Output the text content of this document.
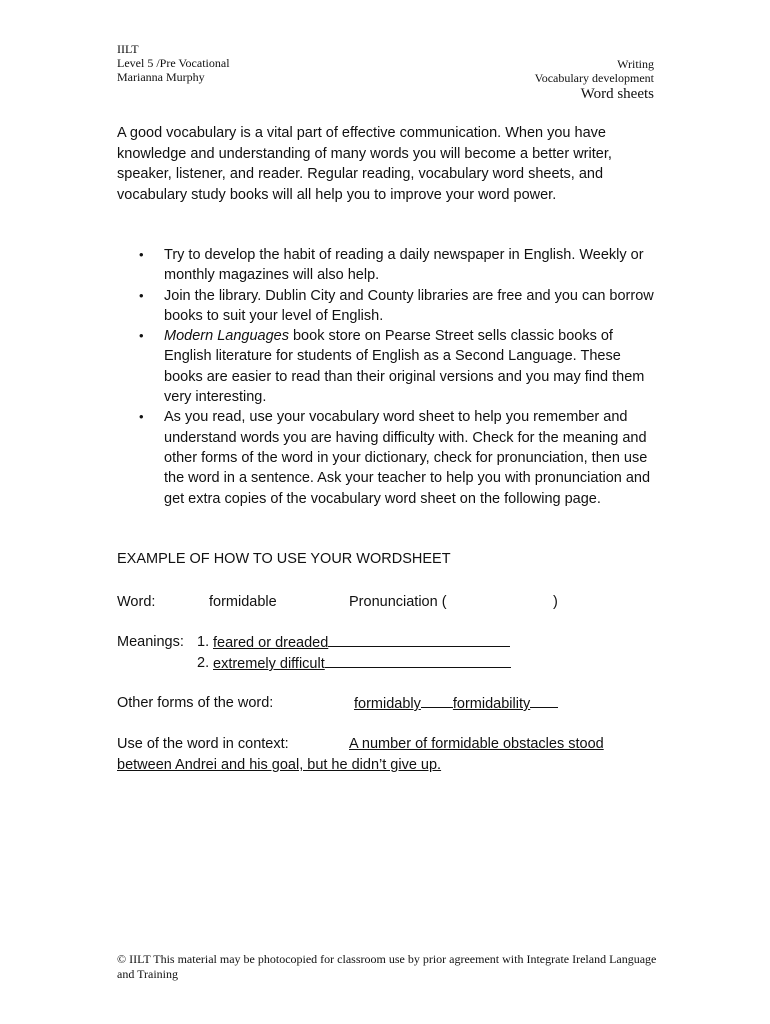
IILT
Level 5 /Pre Vocational
Marianna Murphy
Writing
Vocabulary development
Word sheets
A good vocabulary is a vital part of effective communication. When you have knowledge and understanding of many words you will become a better writer, speaker, listener, and reader. Regular reading, vocabulary word sheets, and vocabulary study books will all help you to improve your word power.
• Try to develop the habit of reading a daily newspaper in English. Weekly or monthly magazines will also help.
• Join the library. Dublin City and County libraries are free and you can borrow books to suit your level of English.
• Modern Languages book store on Pearse Street sells classic books of English literature for students of English as a Second Language. These books are easier to read than their original versions and you may find them very interesting.
• As you read, use your vocabulary word sheet to help you remember and understand words you are having difficulty with. Check for the meaning and other forms of the word in your dictionary, check for pronunciation, then use the word in a sentence. Ask your teacher to help you with pronunciation and get extra copies of the vocabulary word sheet on the following page.
EXAMPLE OF HOW TO USE YOUR WORDSHEET
Word:	formidable	Pronunciation (	)
Meanings: 1. feared or dreaded
2. extremely difficult
Other forms of the word:	formidably formidability
Use of the word in context:	A number of formidable obstacles stood
between Andrei and his goal, but he didn’t give up.
© IILT This material may be photocopied for classroom use by prior agreement with Integrate Ireland Language and Training
